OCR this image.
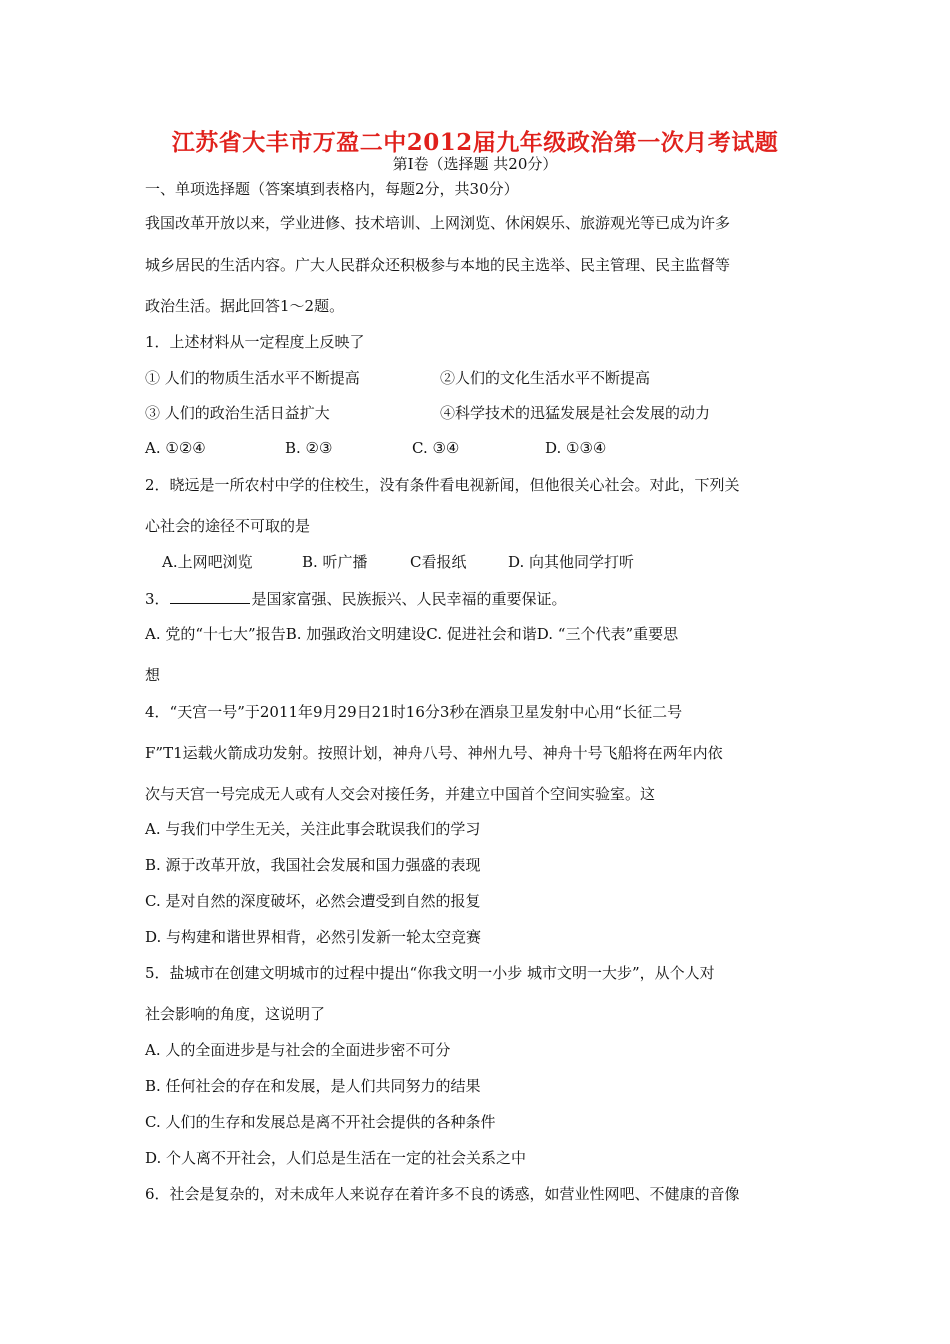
江苏省大丰市万盈二中2012届九年级政治第一次月考试题
第Ⅰ卷（选择题 共20分）
一、单项选择题（答案填到表格内，每题2分，共30分）
我国改革开放以来，学业进修、技术培训、上网浏览、休闲娱乐、旅游观光等已成为许多
城乡居民的生活内容。广大人民群众还积极参与本地的民主选举、民主管理、民主监督等
政治生活。据此回答1～2题。
1．上述材料从一定程度上反映了
① 人们的物质生活水平不断提高	②人们的文化生活水平不断提高
③ 人们的政治生活日益扩大	④科学技术的迅猛发展是社会发展的动力
A. ①②④	B. ②③	C. ③④	D. ①③④
2．晓远是一所农村中学的住校生，没有条件看电视新闻，但他很关心社会。对此，下列关
心社会的途径不可取的是
A.上网吧浏览	B. 听广播	C看报纸	D. 向其他同学打听
3．	是国家富强、民族振兴、人民幸福的重要保证。
A. 党的“十七大”报告B. 加强政治文明建设C. 促进社会和谐D. “三个代表”重要思
想
4．“天宫一号”于2011年9月29日21时16分3秒在酒泉卫星发射中心用“长征二号
F”T1运载火箭成功发射。按照计划，神舟八号、神州九号、神舟十号飞船将在两年内依
次与天宫一号完成无人或有人交会对接任务，并建立中国首个空间实验室。这
A. 与我们中学生无关，关注此事会耽误我们的学习
B. 源于改革开放，我国社会发展和国力强盛的表现
C. 是对自然的深度破坏，必然会遭受到自然的报复
D. 与构建和谐世界相背，必然引发新一轮太空竞赛
5．盐城市在创建文明城市的过程中提出“你我文明一小步 城市文明一大步”，从个人对
社会影响的角度，这说明了
A. 人的全面进步是与社会的全面进步密不可分
B. 任何社会的存在和发展，是人们共同努力的结果
C. 人们的生存和发展总是离不开社会提供的各种条件
D. 个人离不开社会，人们总是生活在一定的社会关系之中
6．社会是复杂的，对未成年人来说存在着许多不良的诱惑，如营业性网吧、不健康的音像
